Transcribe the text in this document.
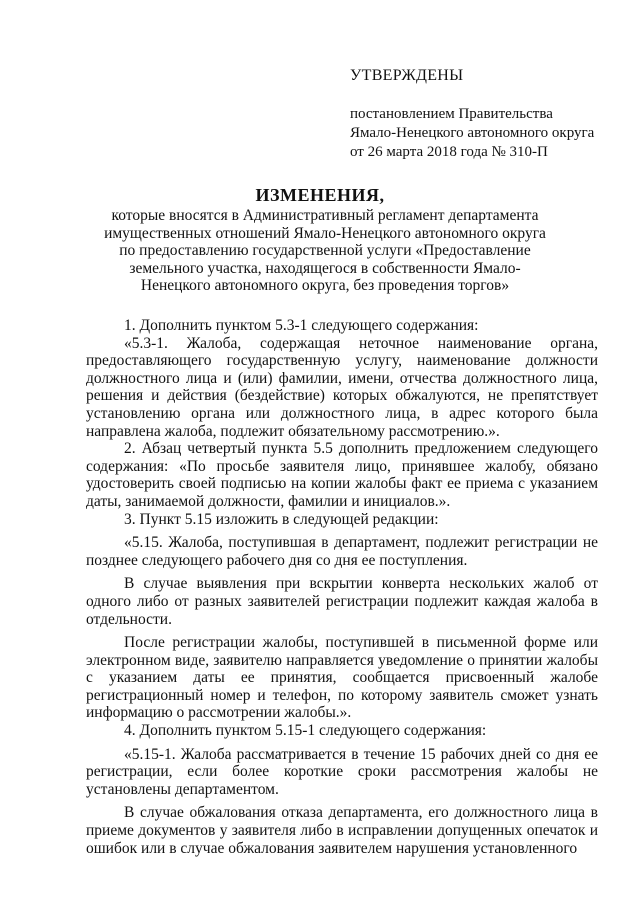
УТВЕРЖДЕНЫ
постановлением Правительства
Ямало-Ненецкого автономного округа
от 26 марта 2018 года № 310-П
ИЗМЕНЕНИЯ,
которые вносятся в Административный регламент департамента имущественных отношений Ямало-Ненецкого автономного округа по предоставлению государственной услуги «Предоставление земельного участка, находящегося в собственности Ямало-Ненецкого автономного округа, без проведения торгов»

1. Дополнить пунктом 5.3-1 следующего содержания:

«5.3-1. Жалоба, содержащая неточное наименование органа, предоставляющего государственную услугу, наименование должности должностного лица и (или) фамилии, имени, отчества должностного лица, решения и действия (бездействие) которых обжалуются, не препятствует установлению органа или должностного лица, в адрес которого была направлена жалоба, подлежит обязательному рассмотрению.».

2. Абзац четвертый пункта 5.5 дополнить предложением следующего содержания: «По просьбе заявителя лицо, принявшее жалобу, обязано удостоверить своей подписью на копии жалобы факт ее приема с указанием даты, занимаемой должности, фамилии и инициалов.».

3. Пункт 5.15 изложить в следующей редакции:

«5.15. Жалоба, поступившая в департамент, подлежит регистрации не позднее следующего рабочего дня со дня ее поступления.

В случае выявления при вскрытии конверта нескольких жалоб от одного либо от разных заявителей регистрации подлежит каждая жалоба в отдельности.

После регистрации жалобы, поступившей в письменной форме или электронном виде, заявителю направляется уведомление о принятии жалобы с указанием даты ее принятия, сообщается присвоенный жалобе регистрационный номер и телефон, по которому заявитель сможет узнать информацию о рассмотрении жалобы.».

4. Дополнить пунктом 5.15-1 следующего содержания:

«5.15-1. Жалоба рассматривается в течение 15 рабочих дней со дня ее регистрации, если более короткие сроки рассмотрения жалобы не установлены департаментом.

В случае обжалования отказа департамента, его должностного лица в приеме документов у заявителя либо в исправлении допущенных опечаток и ошибок или в случае обжалования заявителем нарушения установленного
